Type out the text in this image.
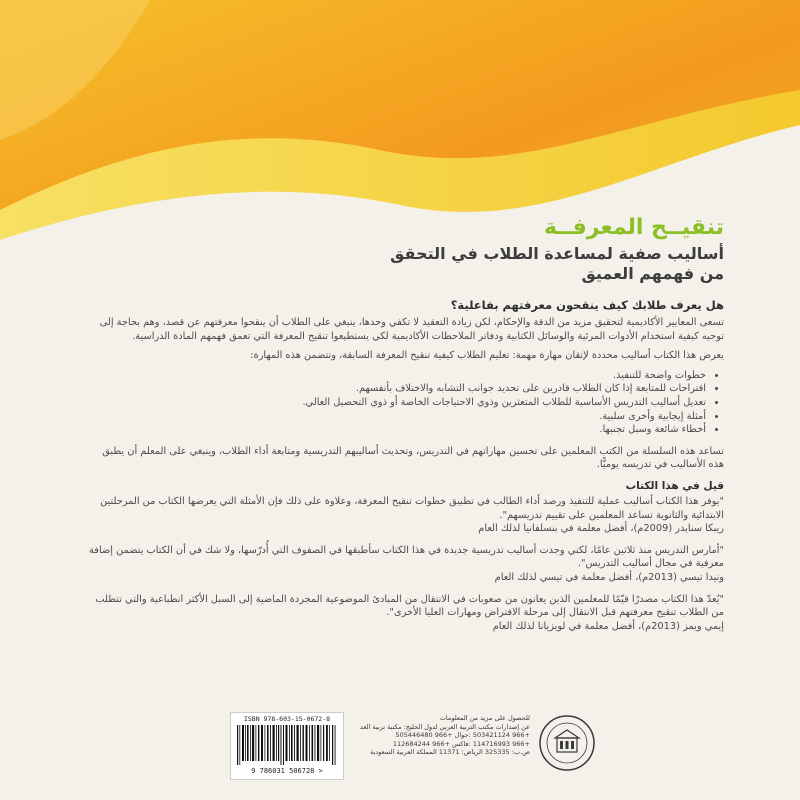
تنقيــح المعرفــة

أساليب صفية لمساعدة الطلاب في التحقق

من فهمهم العميق

هل يعرف طلابك كيف ينقحون معرفتهم بفاعلية؟

تسعى المعايير الأكاديمية لتحقيق مزيد من الدقة والإحكام، لكن زيادة التعقيد لا تكفي وحدها، ينبغي على الطلاب أن ينقحوا معرفتهم عن قصد، وهم بحاجة إلى توجيه كيفية استخدام الأدوات المرئية والوسائل الكتابية ودفاتر الملاحظات الأكاديمية لكي يستطيعوا تنقيح المعرفة التي تعمق فهمهم المادة الدراسية.

يعرض هذا الكتاب أساليب محددة لإتقان مهارة مهمة: تعليم الطلاب كيفية تنقيح المعرفة السابقة، وتتضمن هذه المهارة:

• خطوات واضحة للتنفيذ.
• اقتراحات للمتابعة إذا كان الطلاب قادرين على تحديد جوانب التشابه والاختلاف بأنفسهم.
• تعديل أساليب التدريس الأساسية للطلاب المتعثرين وذوي الاحتياجات الخاصة أو ذوي التحصيل العالي.
• أمثلة إيجابية وأخرى سلبية.
• أخطاء شائعة وسبل تجنبها.

تساعد هذه السلسلة من الكتب المعلمين على تحسين مهاراتهم في التدريس، وتحديث أساليبهم التدريسية ومتابعة أداء الطلاب، وينبغي على المعلم أن يطبق هذه الأساليب في تدريسه يوميًّا.

قيل في هذا الكتاب

"يوفر هذا الكتاب أساليب عملية للتنفيذ ورصد أداء الطالب في تطبيق خطوات تنقيح المعرفة، وعلاوة على ذلك فإن الأمثلة التي يعرضها الكتاب من المرحلتين الابتدائية والثانوية تساعد المعلمين على تقييم تدريسهم".

ريبكا سنايدر (2009م)، أفضل معلمة في بنسلفانيا لذلك العام

"أمارس التدريس منذ ثلاثين عامًا، لكني وجدت أساليب تدريسية جديدة في هذا الكتاب سأطبقها في الصفوف التي أُدرّسها، ولا شك في أن الكتاب يتضمن إضافة معرفية في مجال أساليب التدريس".

ونيدا تيسي (2013م)، أفضل معلمة في تيسي لذلك العام

"يُعدّ هذا الكتاب مصدرًا قيّمًا للمعلمين الذين يعانون من صعوبات في الانتقال من المبادئ الموضوعية المجردة الماضية إلى السبل الأكثر انطباعية والتي تتطلب من الطلاب تنقيح معرفتهم قبل الانتقال إلى مرحلة الافتراض ومهارات العليا الأخرى".

إيمي ويمز (2013م)، أفضل معلمة في لويزيانا لذلك العام

ISBN 978-603-15-0672-8
9 786031 506728 >
للحصول على مزيد من المعلومات
عن إصدارات مكتب التربية العربي لدول الخليج: مكتبة تربية الغد
+966 503421124 :جوال +966 505446480
+966 114716993 :فاكس +966 112684244
ص.ب: 325335 الرياض: 11371 المملكة العربية السعودية
